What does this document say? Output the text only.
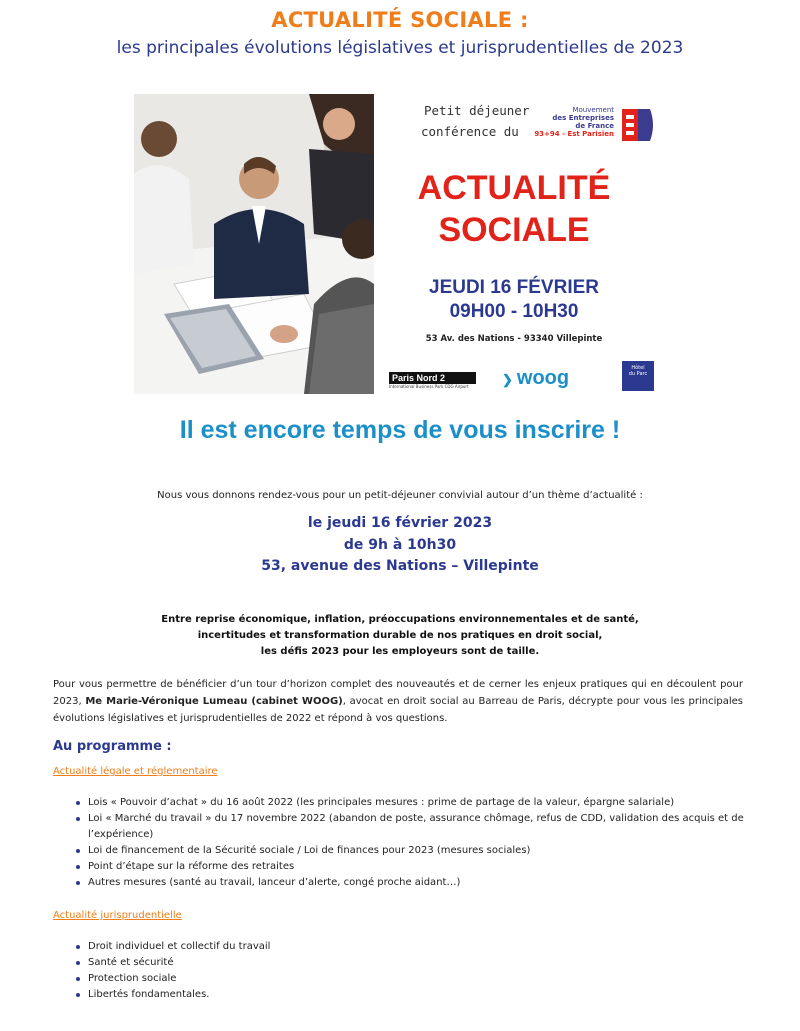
ACTUALITÉ SOCIALE :
les principales évolutions législatives et jurisprudentielles de 2023
Petit déjeuner
conférence du
Mouvement
des Entreprises
de France
93+94 - Est Parisien
ACTUALITÉ
SOCIALE
JEUDI 16 FÉVRIER
09H00 - 10H30
53 Av. des Nations - 93340 Villepinte
Paris Nord 2
International Business Park CDG Airport	❯ woog	Hôtel
du Parc
Il est encore temps de vous inscrire !
Nous vous donnons rendez-vous pour un petit-déjeuner convivial autour d’un thème d’actualité :
le jeudi 16 février 2023
de 9h à 10h30
53, avenue des Nations – Villepinte
Entre reprise économique, inflation, préoccupations environnementales et de santé,
incertitudes et transformation durable de nos pratiques en droit social,
les défis 2023 pour les employeurs sont de taille.
Pour vous permettre de bénéficier d’un tour d’horizon complet des nouveautés et de cerner les enjeux pratiques qui en découlent pour 2023, Me Marie-Véronique Lumeau (cabinet WOOG), avocat en droit social au Barreau de Paris, décrypte pour vous les principales évolutions législatives et jurisprudentielles de 2022 et répond à vos questions.
Au programme :
Actualité légale et réglementaire
Lois « Pouvoir d’achat » du 16 août 2022 (les principales mesures : prime de partage de la valeur, épargne salariale)
Loi « Marché du travail » du 17 novembre 2022 (abandon de poste, assurance chômage, refus de CDD, validation des acquis et de l’expérience)
Loi de financement de la Sécurité sociale / Loi de finances pour 2023 (mesures sociales)
Point d’étape sur la réforme des retraites
Autres mesures (santé au travail, lanceur d’alerte, congé proche aidant…)
Actualité jurisprudentielle
Droit individuel et collectif du travail
Santé et sécurité
Protection sociale
Libertés fondamentales.
